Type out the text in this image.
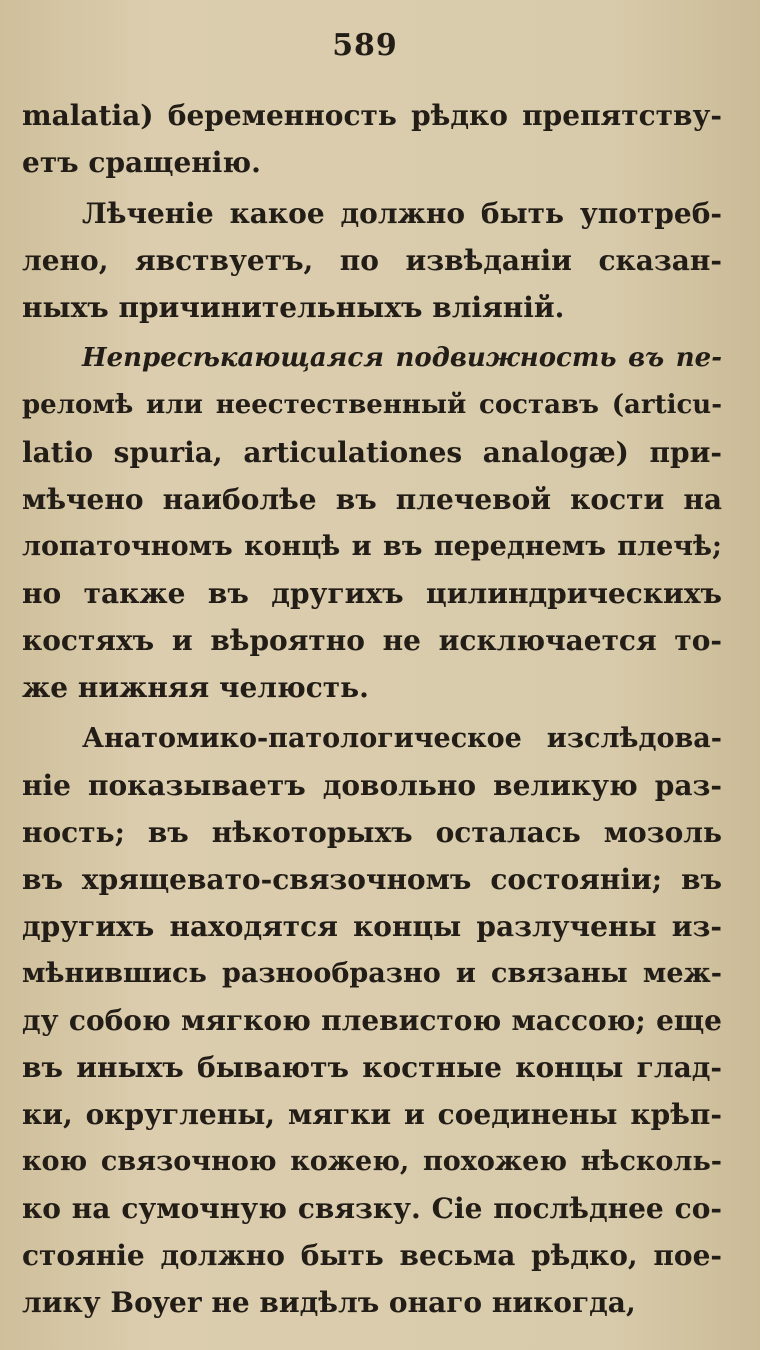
589
malatia) беременность рѣдко препятству-
етъ сращенію.
Лѣченіе какое должно быть употреб-
лено, явствуетъ, по извѣданіи сказан-
ныхъ причинительныхъ вліяній.
Непресѣкающаяся подвижность въ пе-
реломѣ или неестественный составъ (articu-
latio spuria, articulationes analogæ) при-
мѣчено наиболѣе въ плечевой кости на
лопаточномъ концѣ и въ переднемъ плечѣ;
но также въ другихъ цилиндрическихъ
костяхъ и вѣроятно не исключается то-
же нижняя челюсть.
Анатомико-патологическое изслѣдова-
ніе показываетъ довольно великую раз-
ность; въ нѣкоторыхъ осталась мозоль
въ хрящевато-связочномъ состояніи; въ
другихъ находятся концы разлучены из-
мѣнившись разнообразно и связаны меж-
ду собою мягкою плевистою массою; еще
въ иныхъ бываютъ костные концы глад-
ки, округлены, мягки и соединены крѣп-
кою связочною кожею, похожею нѣсколь-
ко на сумочную связку. Сіе послѣднее со-
стояніе должно быть весьма рѣдко, пое-
лику Boyer не видѣлъ онаго никогда,
